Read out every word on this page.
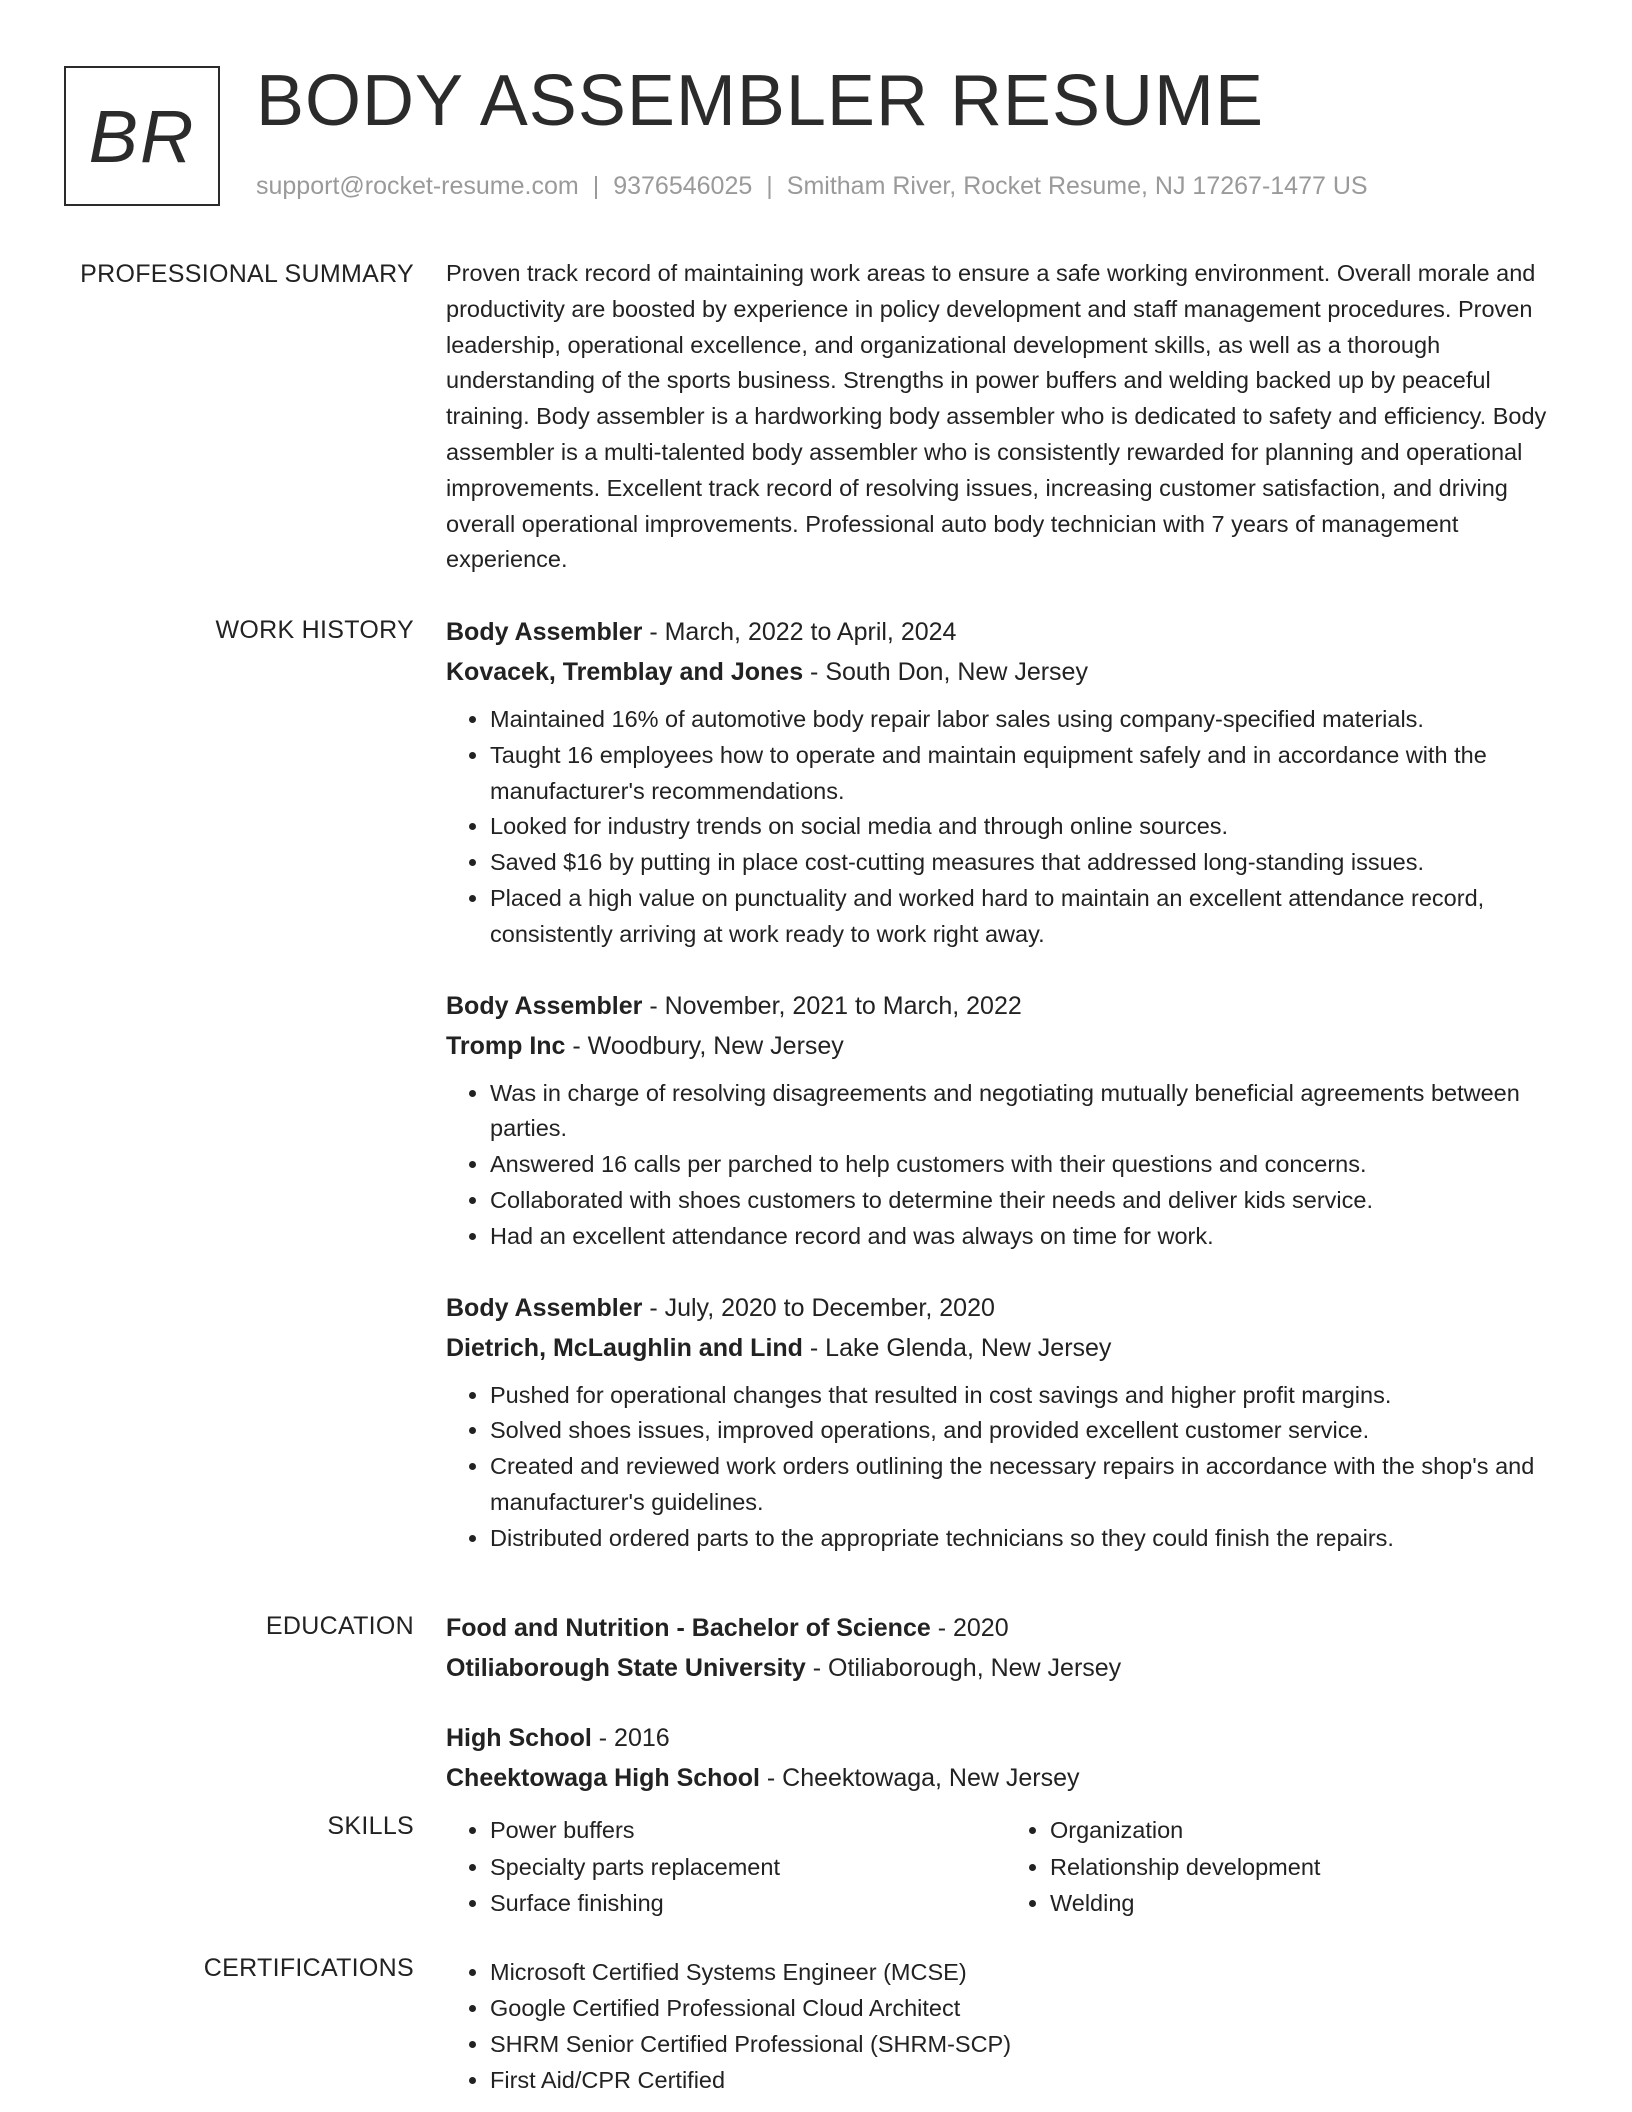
BR BODY ASSEMBLER RESUME
support@rocket-resume.com | 9376546025 | Smitham River, Rocket Resume, NJ 17267-1477 US
PROFESSIONAL SUMMARY Proven track record of maintaining work areas to ensure a safe working environment. Overall morale and productivity are boosted by experience in policy development and staff management procedures. Proven leadership, operational excellence, and organizational development skills, as well as a thorough understanding of the sports business. Strengths in power buffers and welding backed up by peaceful training. Body assembler is a hardworking body assembler who is dedicated to safety and efficiency. Body assembler is a multi-talented body assembler who is consistently rewarded for planning and operational improvements. Excellent track record of resolving issues, increasing customer satisfaction, and driving overall operational improvements. Professional auto body technician with 7 years of management experience.

WORK HISTORY Body Assembler - March, 2022 to April, 2024
Kovacek, Tremblay and Jones - South Don, New Jersey
• Maintained 16% of automotive body repair labor sales using company-specified materials.
• Taught 16 employees how to operate and maintain equipment safely and in accordance with the manufacturer's recommendations.
• Looked for industry trends on social media and through online sources.
• Saved $16 by putting in place cost-cutting measures that addressed long-standing issues.
• Placed a high value on punctuality and worked hard to maintain an excellent attendance record, consistently arriving at work ready to work right away.
Body Assembler - November, 2021 to March, 2022
Tromp Inc - Woodbury, New Jersey
• Was in charge of resolving disagreements and negotiating mutually beneficial agreements between parties.
• Answered 16 calls per parched to help customers with their questions and concerns.
• Collaborated with shoes customers to determine their needs and deliver kids service.
• Had an excellent attendance record and was always on time for work.
Body Assembler - July, 2020 to December, 2020
Dietrich, McLaughlin and Lind - Lake Glenda, New Jersey
• Pushed for operational changes that resulted in cost savings and higher profit margins.
• Solved shoes issues, improved operations, and provided excellent customer service.
• Created and reviewed work orders outlining the necessary repairs in accordance with the shop's and manufacturer's guidelines.
• Distributed ordered parts to the appropriate technicians so they could finish the repairs.
EDUCATION Food and Nutrition - Bachelor of Science - 2020
Otiliaborough State University - Otiliaborough, New Jersey
High School - 2016
Cheektowaga High School - Cheektowaga, New Jersey
SKILLS	• Power buffers
• Specialty parts replacement
• Surface finishing
• Organization
• Relationship development
• Welding
CERTIFICATIONS	• Microsoft Certified Systems Engineer (MCSE)
• Google Certified Professional Cloud Architect
• SHRM Senior Certified Professional (SHRM-SCP)
• First Aid/CPR Certified
